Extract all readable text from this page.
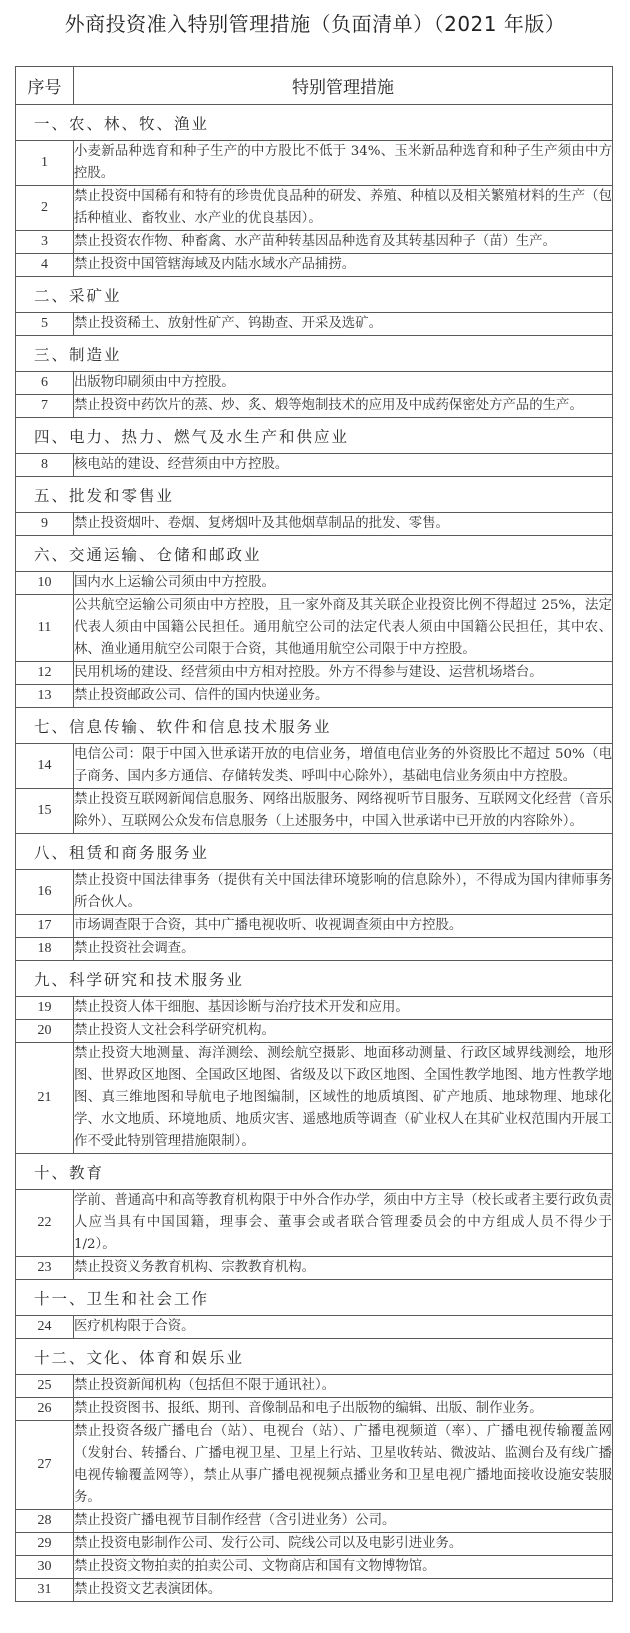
外商投资准入特别管理措施（负面清单）（2021 年版）
序号	特别管理措施
一、农、林、牧、渔业	
1	小麦新品种选育和种子生产的中方股比不低于 34%、玉米新品种选育和种子生产须由中方控股。
2	禁止投资中国稀有和特有的珍贵优良品种的研发、养殖、种植以及相关繁殖材料的生产（包括种植业、畜牧业、水产业的优良基因）。
3	禁止投资农作物、种畜禽、水产苗种转基因品种选育及其转基因种子（苗）生产。
4	禁止投资中国管辖海域及内陆水域水产品捕捞。
二、采矿业	
5	禁止投资稀土、放射性矿产、钨勘查、开采及选矿。
三、制造业	
6	出版物印刷须由中方控股。
7	禁止投资中药饮片的蒸、炒、炙、煅等炮制技术的应用及中成药保密处方产品的生产。
四、电力、热力、燃气及水生产和供应业	
8	核电站的建设、经营须由中方控股。
五、批发和零售业	
9	禁止投资烟叶、卷烟、复烤烟叶及其他烟草制品的批发、零售。
六、交通运输、仓储和邮政业	
10	国内水上运输公司须由中方控股。
11	公共航空运输公司须由中方控股，且一家外商及其关联企业投资比例不得超过 25%，法定代表人须由中国籍公民担任。通用航空公司的法定代表人须由中国籍公民担任，其中农、林、渔业通用航空公司限于合资，其他通用航空公司限于中方控股。
12	民用机场的建设、经营须由中方相对控股。外方不得参与建设、运营机场塔台。
13	禁止投资邮政公司、信件的国内快递业务。
七、信息传输、软件和信息技术服务业	
14	电信公司：限于中国入世承诺开放的电信业务，增值电信业务的外资股比不超过 50%（电子商务、国内多方通信、存储转发类、呼叫中心除外），基础电信业务须由中方控股。
15	禁止投资互联网新闻信息服务、网络出版服务、网络视听节目服务、互联网文化经营（音乐除外）、互联网公众发布信息服务（上述服务中，中国入世承诺中已开放的内容除外）。
八、租赁和商务服务业	
16	禁止投资中国法律事务（提供有关中国法律环境影响的信息除外），不得成为国内律师事务所合伙人。
17	市场调查限于合资，其中广播电视收听、收视调查须由中方控股。
18	禁止投资社会调查。
九、科学研究和技术服务业	
19	禁止投资人体干细胞、基因诊断与治疗技术开发和应用。
20	禁止投资人文社会科学研究机构。
21	禁止投资大地测量、海洋测绘、测绘航空摄影、地面移动测量、行政区域界线测绘，地形图、世界政区地图、全国政区地图、省级及以下政区地图、全国性教学地图、地方性教学地图、真三维地图和导航电子地图编制，区域性的地质填图、矿产地质、地球物理、地球化学、水文地质、环境地质、地质灾害、遥感地质等调查（矿业权人在其矿业权范围内开展工作不受此特别管理措施限制）。
十、教育	
22	学前、普通高中和高等教育机构限于中外合作办学，须由中方主导（校长或者主要行政负责人应当具有中国国籍，理事会、董事会或者联合管理委员会的中方组成人员不得少于 1/2）。
23	禁止投资义务教育机构、宗教教育机构。
十一、卫生和社会工作	
24	医疗机构限于合资。
十二、文化、体育和娱乐业	
25	禁止投资新闻机构（包括但不限于通讯社）。
26	禁止投资图书、报纸、期刊、音像制品和电子出版物的编辑、出版、制作业务。
27	禁止投资各级广播电台（站）、电视台（站）、广播电视频道（率）、广播电视传输覆盖网（发射台、转播台、广播电视卫星、卫星上行站、卫星收转站、微波站、监测台及有线广播电视传输覆盖网等），禁止从事广播电视视频点播业务和卫星电视广播地面接收设施安装服务。
28	禁止投资广播电视节目制作经营（含引进业务）公司。
29	禁止投资电影制作公司、发行公司、院线公司以及电影引进业务。
30	禁止投资文物拍卖的拍卖公司、文物商店和国有文物博物馆。
31	禁止投资文艺表演团体。
